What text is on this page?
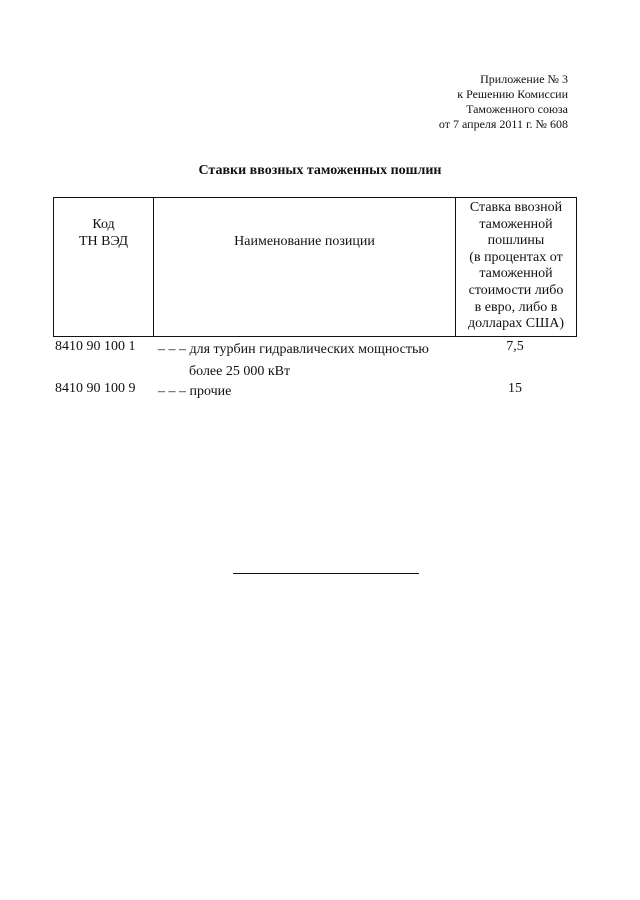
Приложение № 3
к Решению Комиссии
Таможенного союза
от 7 апреля 2011 г. № 608
Ставки ввозных таможенных пошлин
Код
ТН ВЭД	Наименование позиции
Ставка ввозной
таможенной
пошлины
(в процентах от
таможенной
стоимости либо
в евро, либо в
долларах США)
8410 90 100 1 – – – для турбин гидравлических мощностью
более 25 000 кВт
7,5
8410 90 100 9 – – – прочие	15
